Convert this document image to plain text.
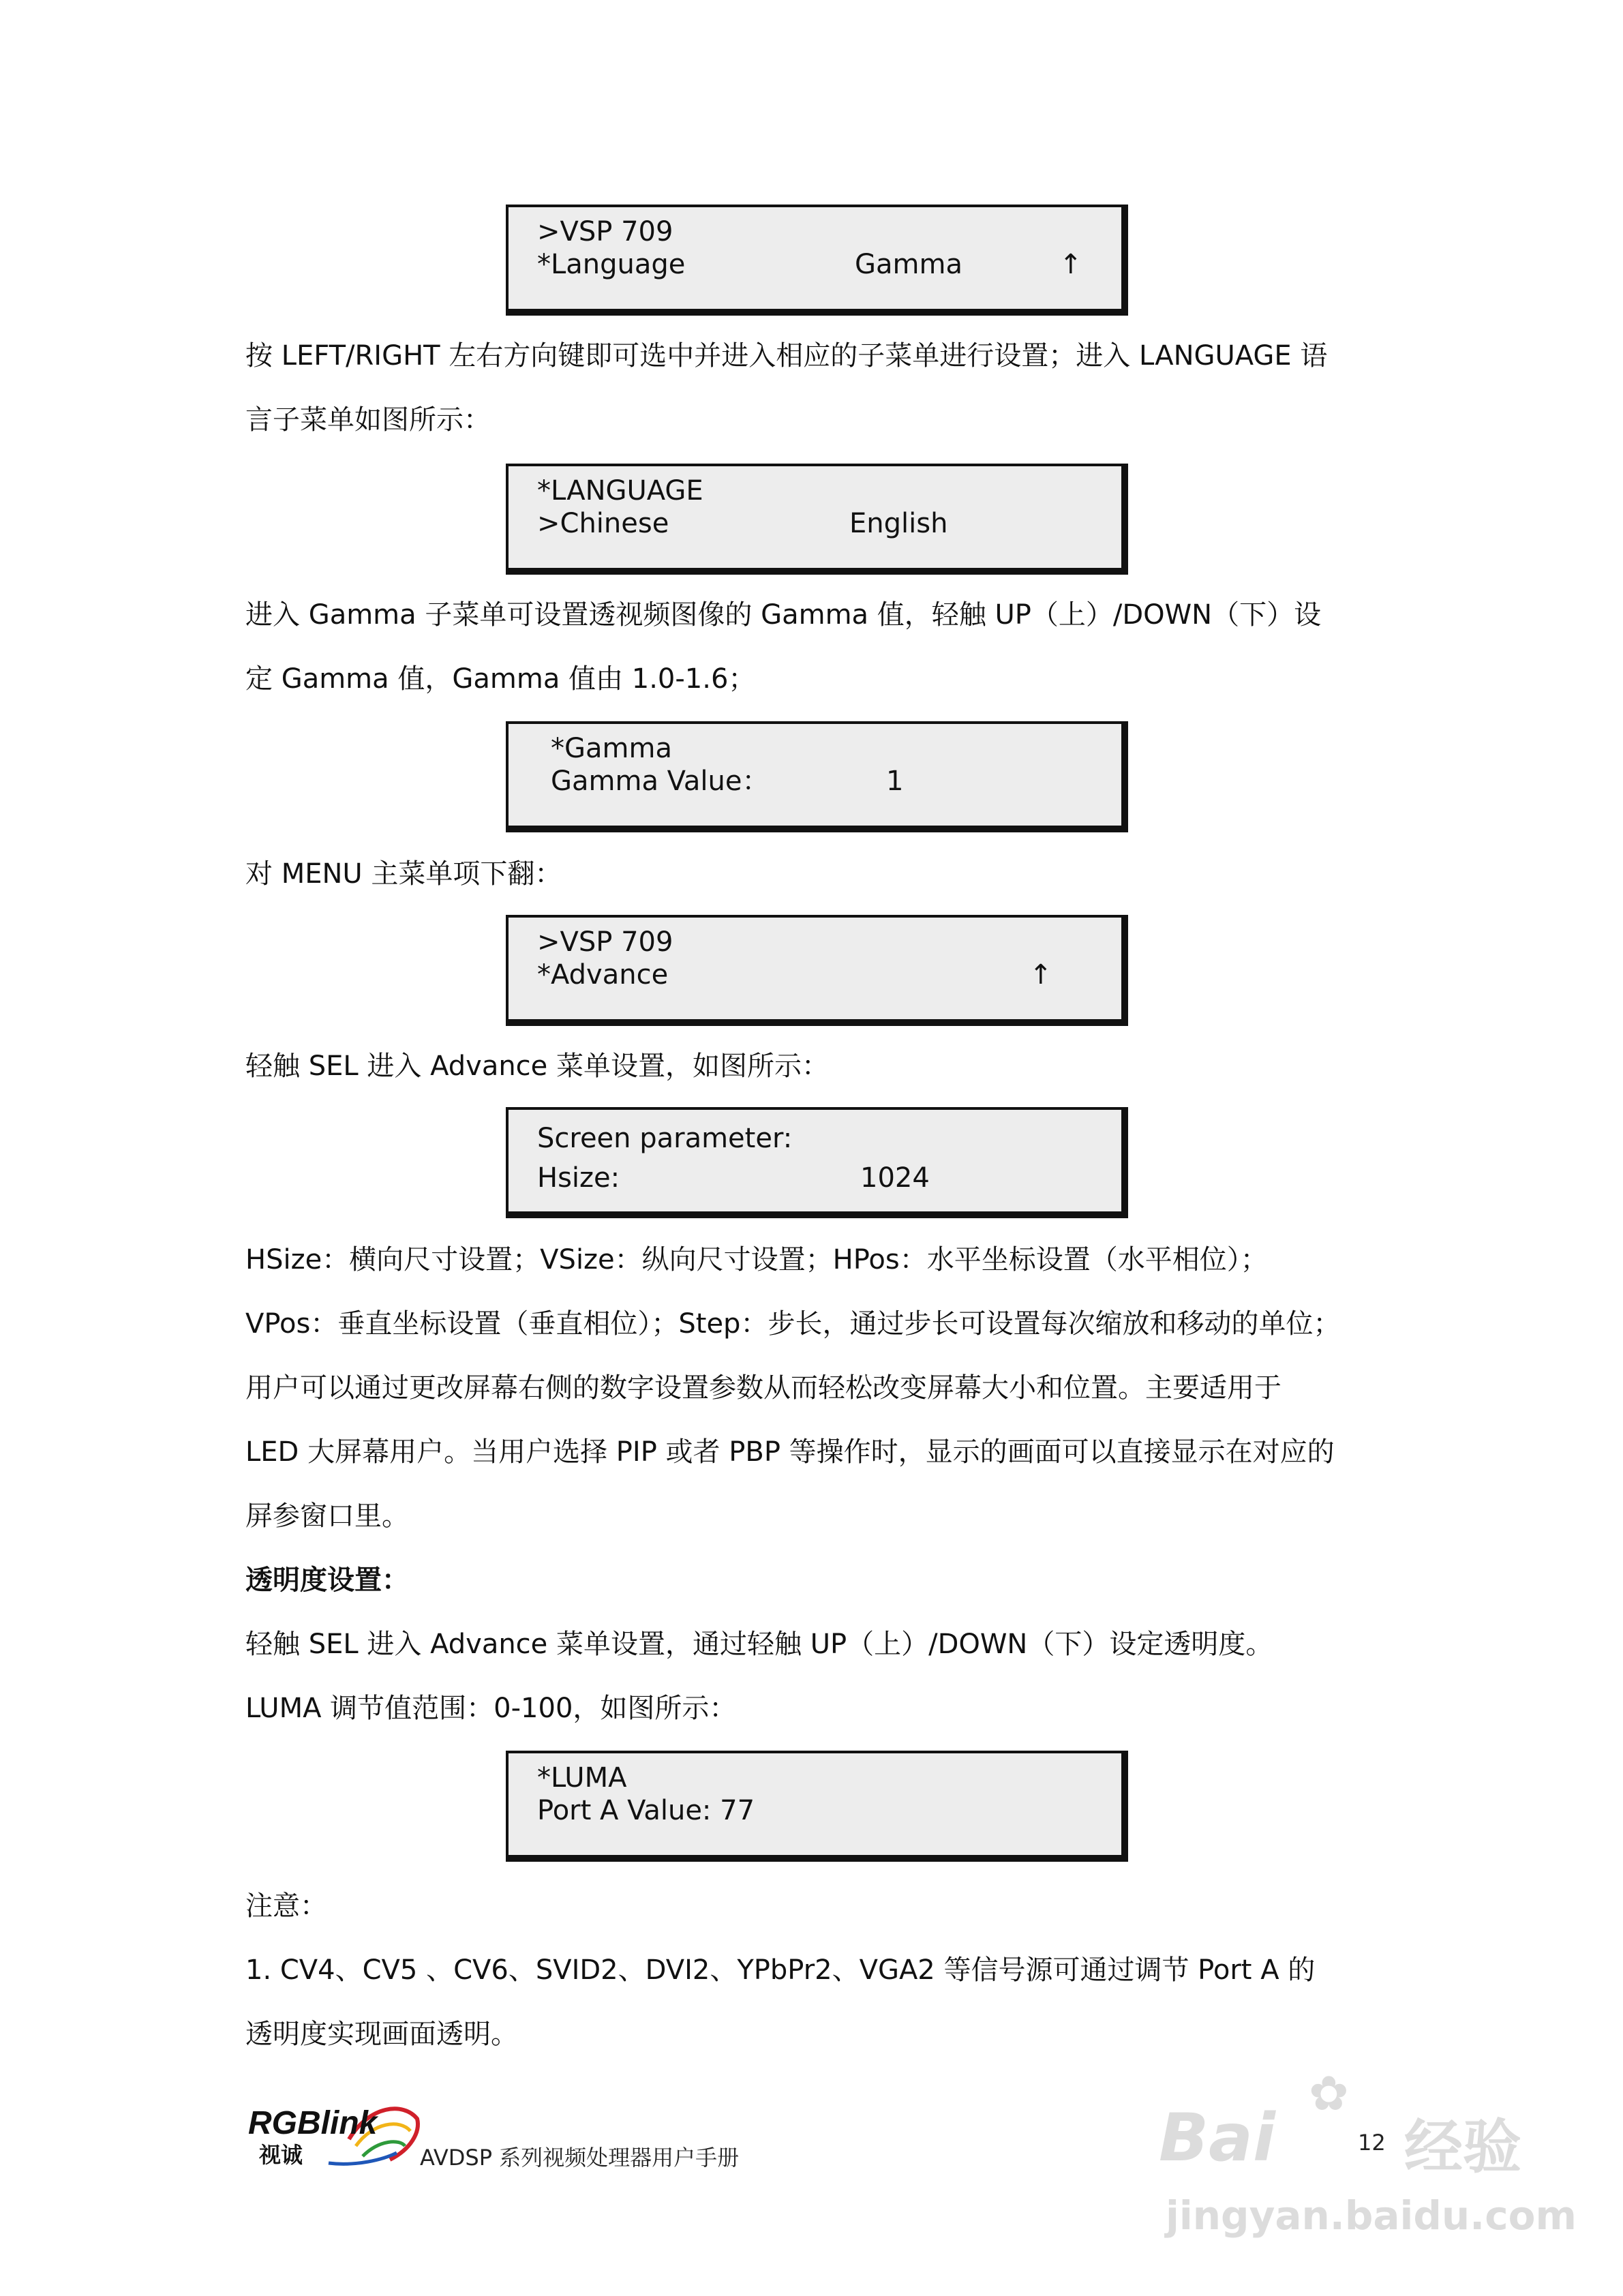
>VSP 709
*Language	Gamma	↑
按 LEFT/RIGHT 左右方向键即可选中并进入相应的子菜单进行设置；进入 LANGUAGE 语
言子菜单如图所示：
*LANGUAGE
>Chinese	English
进入 Gamma 子菜单可设置透视频图像的 Gamma 值，轻触 UP（上）/DOWN（下）设
定 Gamma 值，Gamma 值由 1.0-1.6；
*Gamma
Gamma Value：	1
对 MENU 主菜单项下翻：
>VSP 709
*Advance	↑
轻触 SEL 进入 Advance 菜单设置，如图所示：
Screen parameter:
Hsize:	1024
HSize：横向尺寸设置；VSize：纵向尺寸设置；HPos：水平坐标设置（水平相位）；
VPos：垂直坐标设置（垂直相位）；Step：步长，通过步长可设置每次缩放和移动的单位；
用户可以通过更改屏幕右侧的数字设置参数从而轻松改变屏幕大小和位置。主要适用于
LED 大屏幕用户。当用户选择 PIP 或者 PBP 等操作时，显示的画面可以直接显示在对应的
屏参窗口里。
透明度设置：
轻触 SEL 进入 Advance 菜单设置，通过轻触 UP（上）/DOWN（下）设定透明度。
LUMA 调节值范围：0-100，如图所示：
*LUMA
Port A Value: 77
注意：
1. CV4、CV5 、CV6、SVID2、DVI2、YPbPr2、VGA2 等信号源可通过调节 Port A 的
透明度实现画面透明。
RGBlink
视诚	AVDSP 系列视频处理器用户手册
12
Bai
✿
经验
jingyan.baidu.com
